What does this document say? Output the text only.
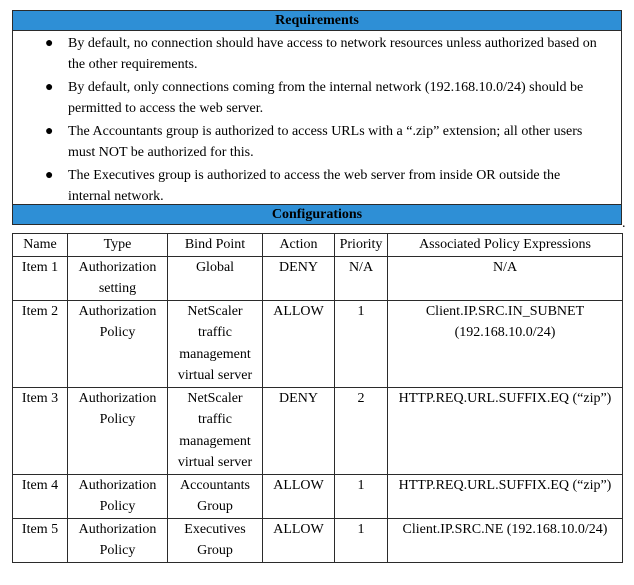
Requirements
● By default, no connection should have access to network resources unless authorized based on the other requirements.
● By default, only connections coming from the internal network (192.168.10.0/24) should be permitted to access the web server.
● The Accountants group is authorized to access URLs with a “.zip” extension; all other users must NOT be authorized for this.
● The Executives group is authorized to access the web server from inside OR outside the internal network.
Configurations
.
Name	Type	Bind Point	Action	Priority	Associated Policy Expressions
Item 1	Authorization setting	Global	DENY	N/A	N/A
Item 2	Authorization Policy	NetScaler traffic management virtual server	ALLOW	1	Client.IP.SRC.IN_SUBNET (192.168.10.0/24)
Item 3	Authorization Policy	NetScaler traffic management virtual server	DENY	2	HTTP.REQ.URL.SUFFIX.EQ (“zip”)
Item 4	Authorization Policy	Accountants Group	ALLOW	1	HTTP.REQ.URL.SUFFIX.EQ (“zip”)
Item 5	Authorization Policy	Executives Group	ALLOW	1	Client.IP.SRC.NE (192.168.10.0/24)
